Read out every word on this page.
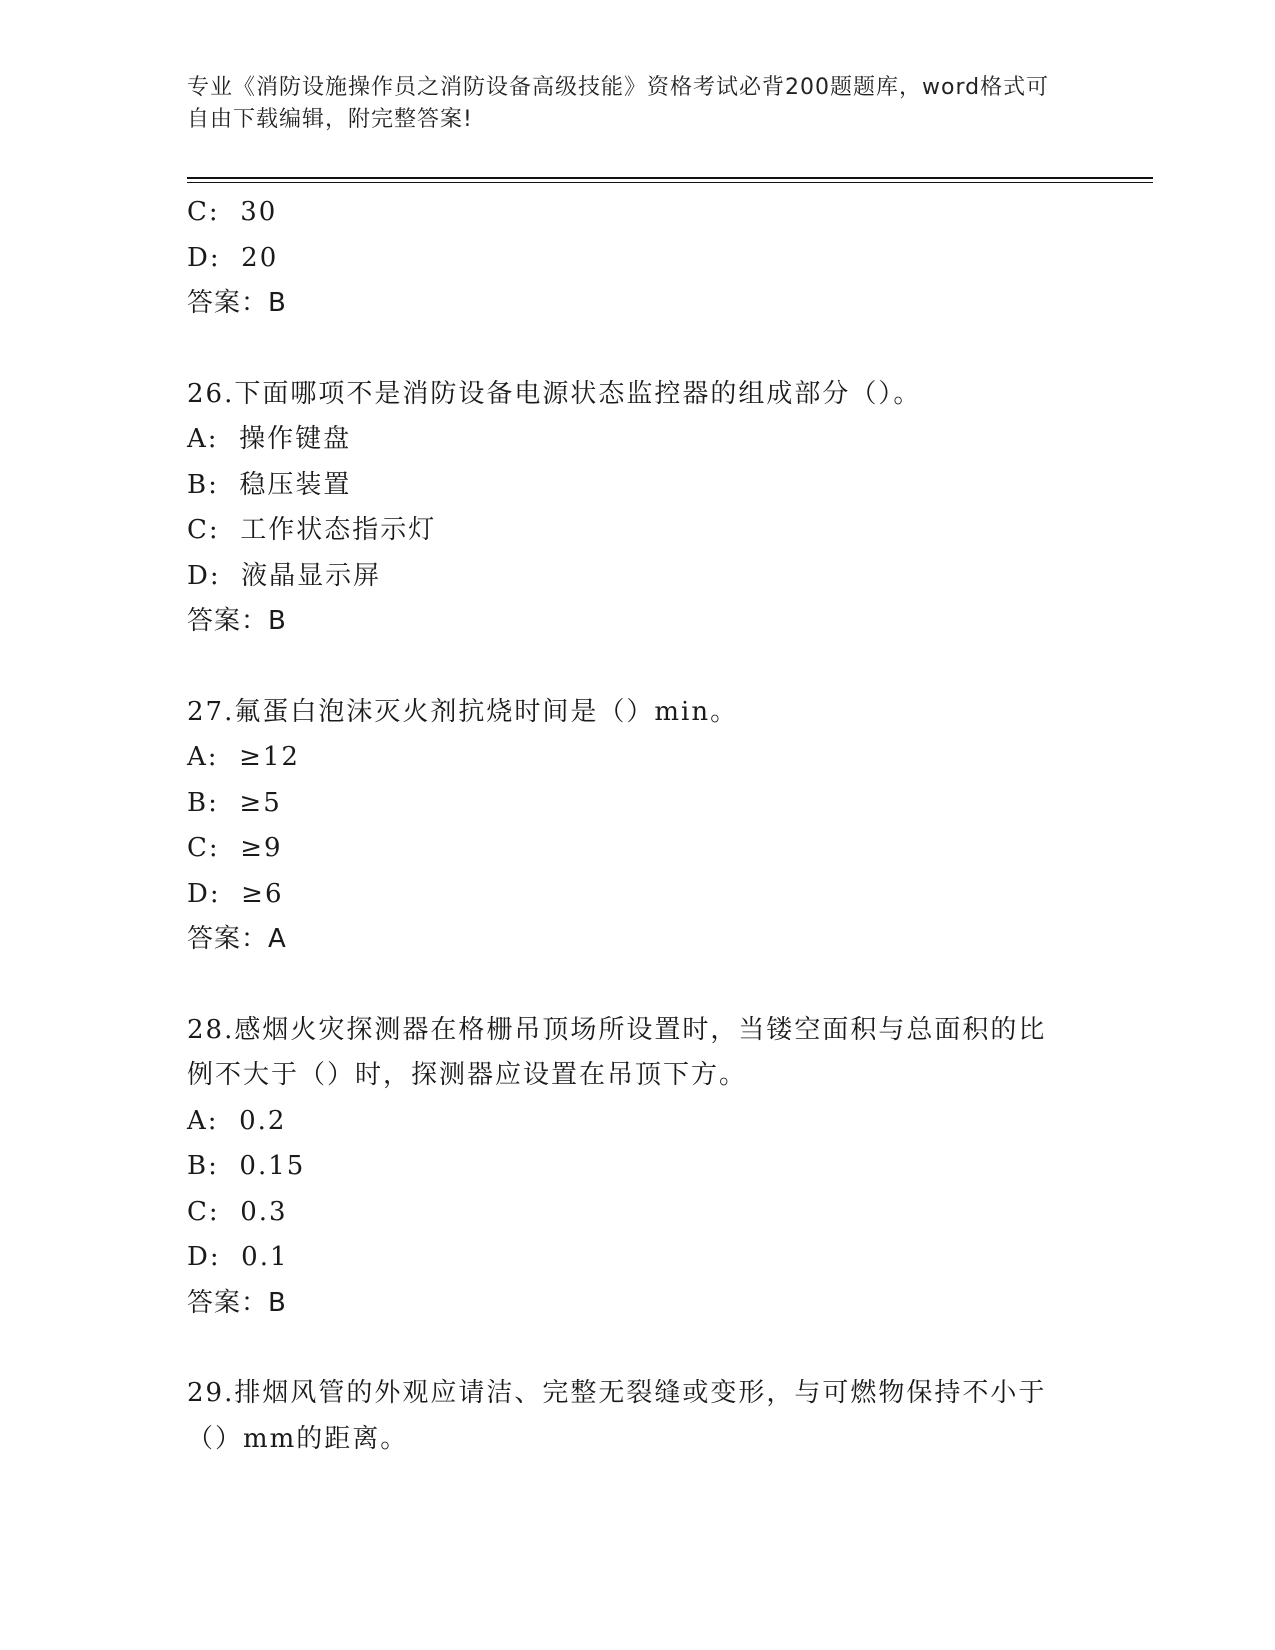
专业《消防设施操作员之消防设备高级技能》资格考试必背200题题库，word格式可自由下载编辑，附完整答案!
C:  30
D:  20
答案：B
26.下面哪项不是消防设备电源状态监控器的组成部分（）。
A:  操作键盘
B:  稳压装置
C:  工作状态指示灯
D:  液晶显示屏
答案：B
27.氟蛋白泡沫灭火剂抗烧时间是（）min。
A:  ≥12
B:  ≥5
C:  ≥9
D:  ≥6
答案：A
28.感烟火灾探测器在格栅吊顶场所设置时，当镂空面积与总面积的比例不大于（）时，探测器应设置在吊顶下方。
A:  0.2
B:  0.15
C:  0.3
D:  0.1
答案：B
29.排烟风管的外观应请洁、完整无裂缝或变形，与可燃物保持不小于（）mm的距离。
